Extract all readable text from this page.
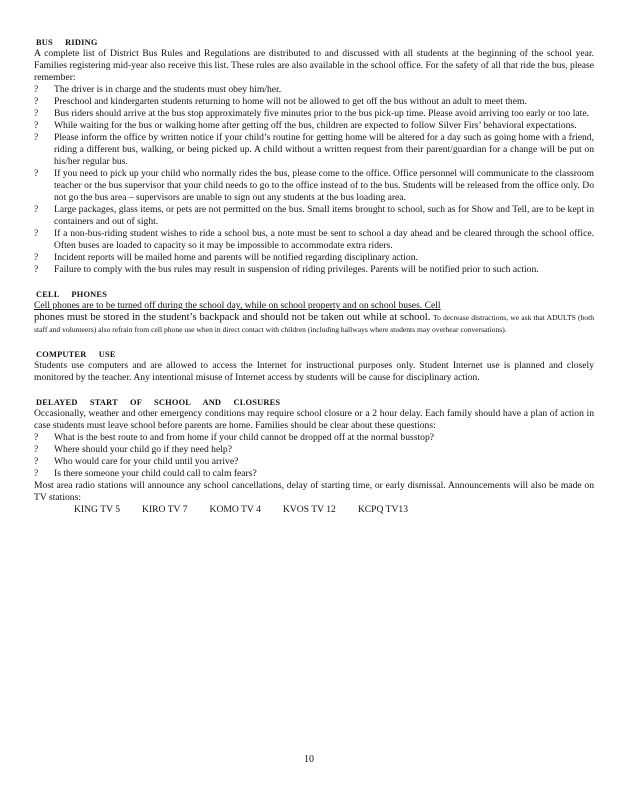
BUS RIDING

A complete list of District Bus Rules and Regulations are distributed to and discussed with all students at the beginning of the school year. Families registering mid-year also receive this list. These rules are also available in the school office. For the safety of all that ride the bus, please remember:

?	The driver is in charge and the students must obey him/her.
?	Preschool and kindergarten students returning to home will not be allowed to get off the bus without an adult to meet them.
?	Bus riders should arrive at the bus stop approximately five minutes prior to the bus pick-up time. Please avoid arriving too early or too late.
?	While waiting for the bus or walking home after getting off the bus, children are expected to follow Silver Firs’ behavioral expectations.
?	Please inform the office by written notice if your child’s routine for getting home will be altered for a day such as going home with a friend, riding a different bus, walking, or being picked up. A child without a written request from their parent/guardian for a change will be put on his/her regular bus.
?	If you need to pick up your child who normally rides the bus, please come to the office. Office personnel will communicate to the classroom teacher or the bus supervisor that your child needs to go to the office instead of to the bus. Students will be released from the office only. Do not go the bus area – supervisors are unable to sign out any students at the bus loading area.
?	Large packages, glass items, or pets are not permitted on the bus. Small items brought to school, such as for Show and Tell, are to be kept in containers and out of sight.
?	If a non-bus-riding student wishes to ride a school bus, a note must be sent to school a day ahead and be cleared through the school office. Often buses are loaded to capacity so it may be impossible to accommodate extra riders.
?	Incident reports will be mailed home and parents will be notified regarding disciplinary action.
?	Failure to comply with the bus rules may result in suspension of riding privileges. Parents will be notified prior to such action.
CELL PHONES

Cell phones are to be turned off during the school day, while on school property and on school buses. Cell

phones must be stored in the student’s backpack and should not be taken out while at school. To decrease distractions, we ask that ADULTS (both staff and volunteers) also refrain from cell phone use when in direct contact with children (including hallways where students may overhear conversations).

COMPUTER USE

Students use computers and are allowed to access the Internet for instructional purposes only. Student Internet use is planned and closely monitored by the teacher. Any intentional misuse of Internet access by students will be cause for disciplinary action.

DELAYED START OF SCHOOL AND CLOSURES

Occasionally, weather and other emergency conditions may require school closure or a 2 hour delay. Each family should have a plan of action in case students must leave school before parents are home. Families should be clear about these questions:

?	What is the best route to and from home if your child cannot be dropped off at the normal busstop?
?	Where should your child go if they need help?
?	Who would care for your child until you arrive?
?	Is there someone your child could call to calm fears?

Most area radio stations will announce any school cancellations, delay of starting time, or early dismissal. Announcements will also be made on TV stations:

KING TV 5 KIRO TV 7 KOMO TV 4 KVOS TV 12 KCPQ TV13
10
